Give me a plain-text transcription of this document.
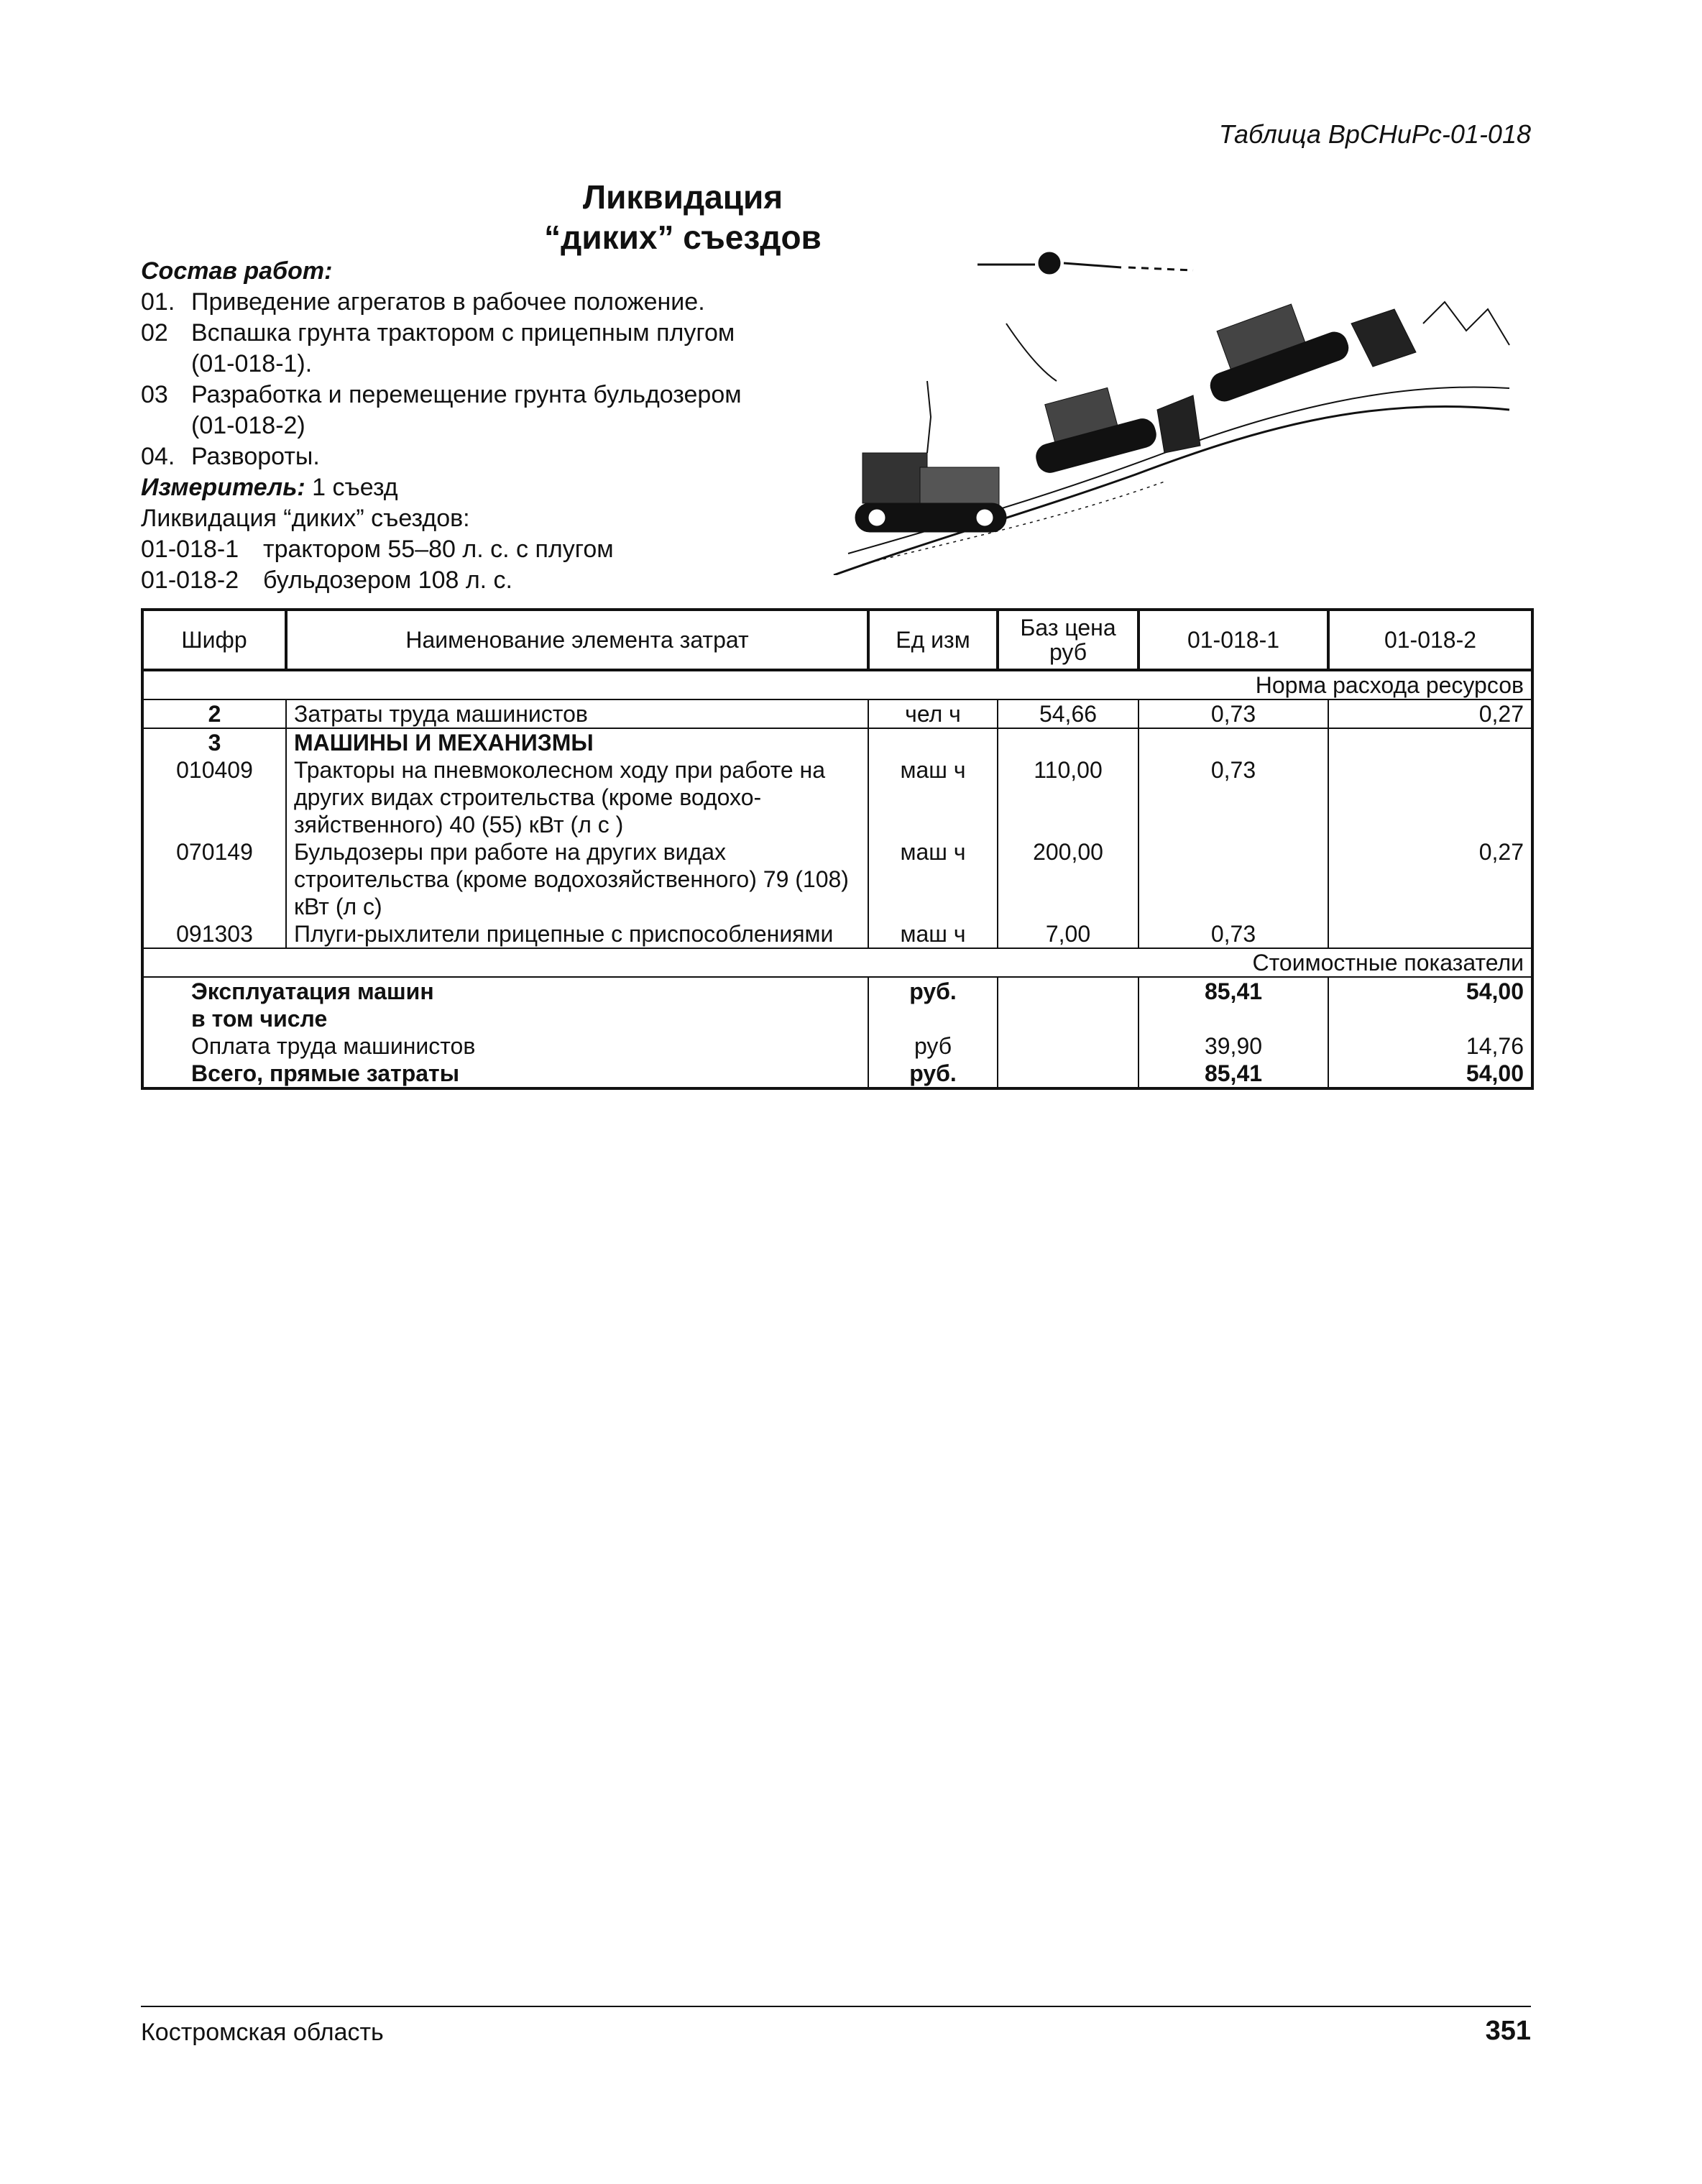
Таблица ВрСНиРс-01-018
Ликвидация
“диких” съездов
Состав работ:
01. Приведение агрегатов в рабочее положение.
02 Вспашка грунта трактором с прицепным плугом
(01-018-1).
03 Разработка и перемещение грунта бульдозером
(01-018-2)
04. Развороты.
Измеритель: 1 съезд
Ликвидация “диких” съездов:
01-018-1 трактором 55–80 л. с. с плугом
01-018-2 бульдозером 108 л. с.
Шифр	Наименование элемента затрат	Ед изм	Баз цена руб	01-018-1	01-018-2
Норма расхода ресурсов					
2	Затраты труда машинистов	чел ч	54,66	0,73	0,27
3	МАШИНЫ И МЕХАНИЗМЫ				
010409	Тракторы на пневмоколесном ходу при работе на других видах строительства (кроме водохо-зяйственного) 40 (55) кВт (л с )	маш ч	110,00	0,73	
070149	Бульдозеры при работе на других видах строительства (кроме водохозяйственного) 79 (108) кВт (л с)	маш ч	200,00		0,27
091303	Плуги-рыхлители прицепные с приспособлениями	маш ч	7,00	0,73	
Стоимостные показатели					
Эксплуатация машин		руб.		85,41	54,00
в том числе					
Оплата труда машинистов		руб		39,90	14,76
Всего, прямые затраты		руб.		85,41	54,00
Костромская область	351
